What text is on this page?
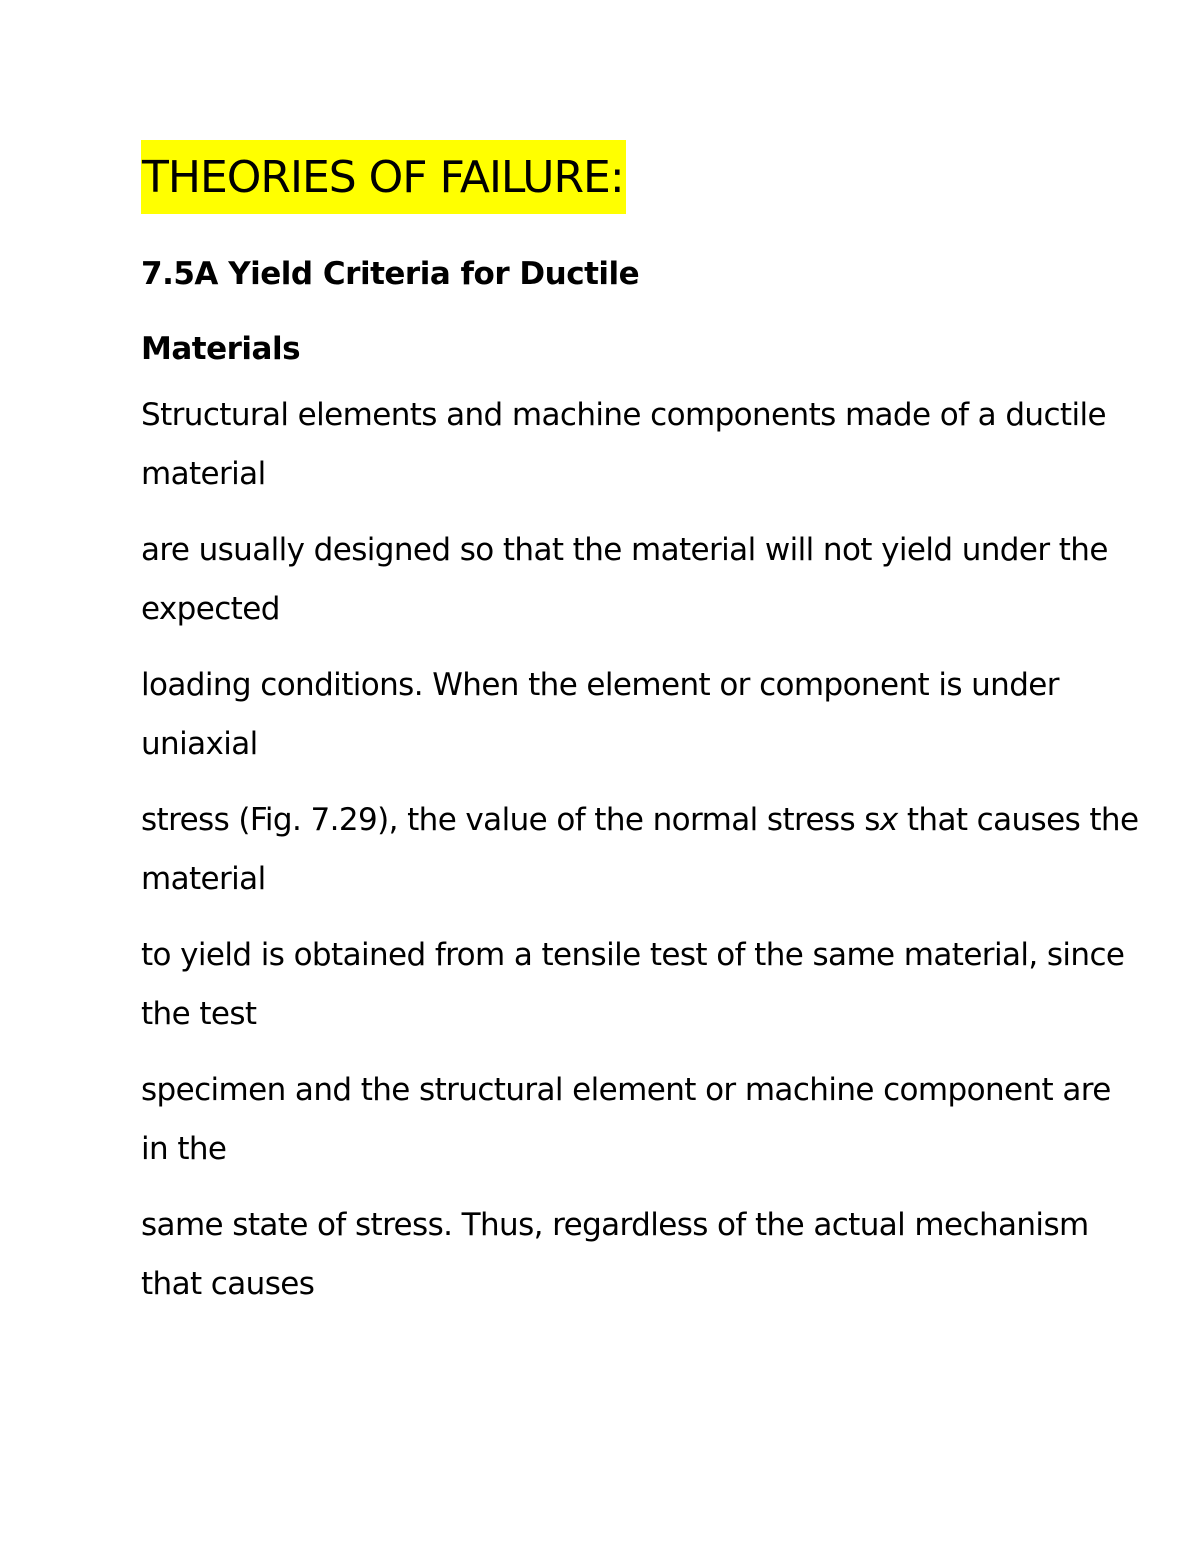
THEORIES OF FAILURE:

7.5A Yield Criteria for Ductile

Materials

Structural elements and machine components made of a ductile material

are usually designed so that the material will not yield under the expected

loading conditions. When the element or component is under uniaxial

stress (Fig. 7.29), the value of the normal stress sx that causes the material

to yield is obtained from a tensile test of the same material, since the test

specimen and the structural element or machine component are in the

same state of stress. Thus, regardless of the actual mechanism that causes
